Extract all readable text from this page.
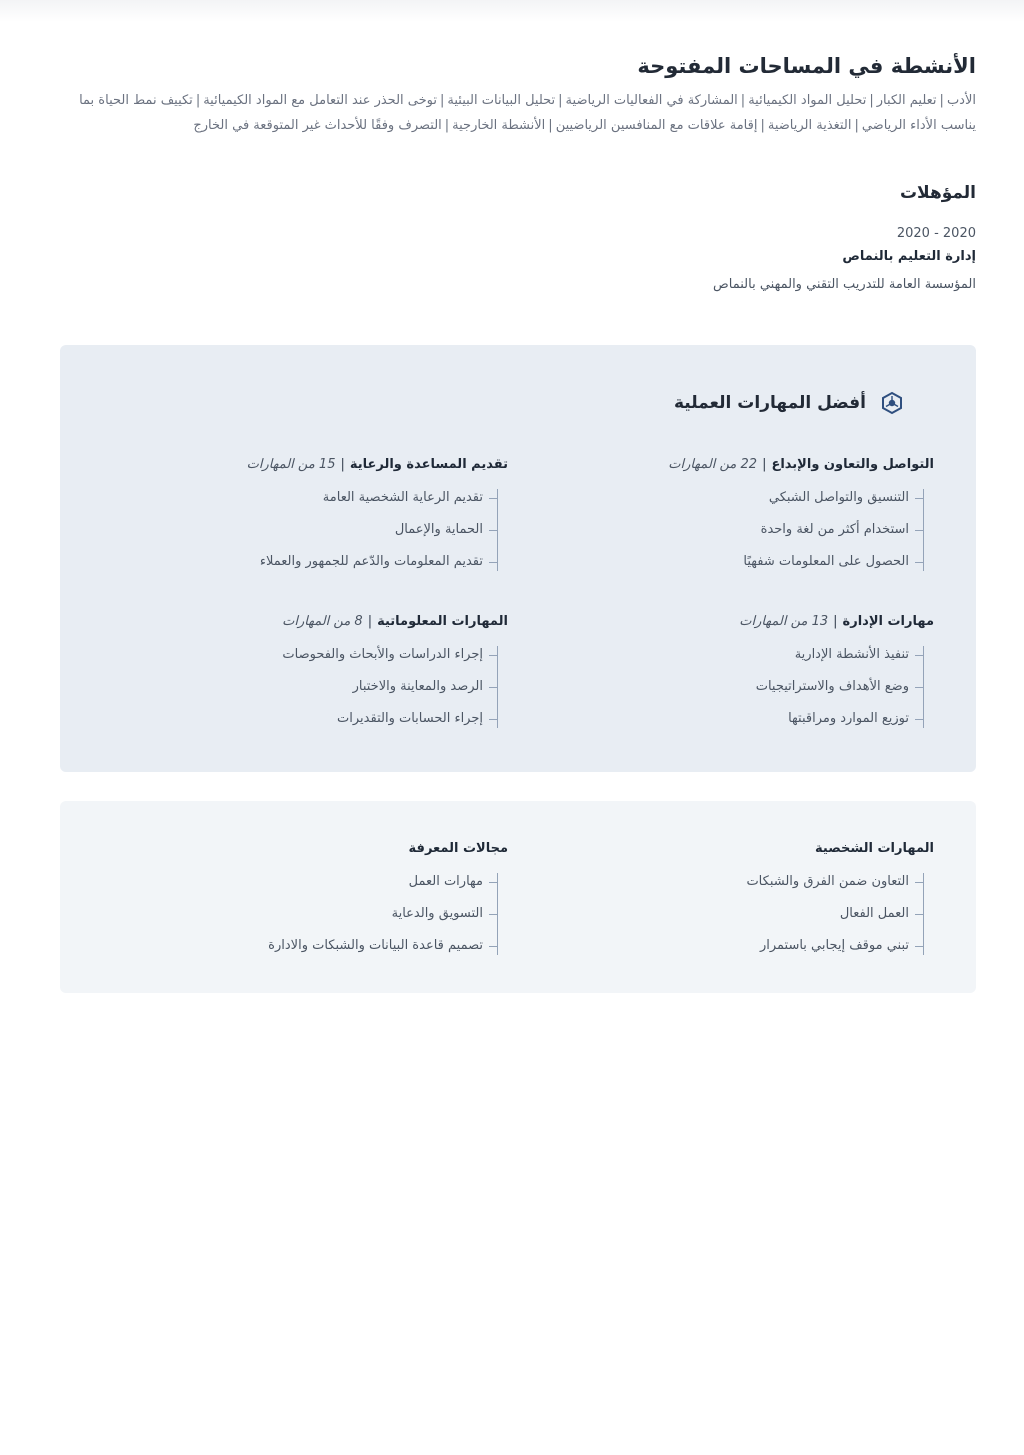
الأنشطة في المساحات المفتوحة
الأدب|تعليم الكبار|تحليل المواد الكيميائية|المشاركة في الفعاليات الرياضية|تحليل البيانات البيئية|توخى الحذر عند التعامل مع المواد الكيميائية|تكييف نمط الحياة بما يناسب الأداء الرياضي|التغذية الرياضية|إقامة علاقات مع المنافسين الرياضيين|الأنشطة الخارجية|التصرف وفقًا للأحداث غير المتوقعة في الخارج
المؤهلات
2020 - 2020
إدارة التعليم بالنماص
المؤسسة العامة للتدريب التقني والمهني بالنماص
أفضل المهارات العملية
التواصل والتعاون والإبداع|22 من المهارات
التنسيق والتواصل الشبكي
استخدام أكثر من لغة واحدة
الحصول على المعلومات شفهيًا
تقديم المساعدة والرعاية|15 من المهارات
تقديم الرعاية الشخصية العامة
الحماية والإعمال
تقديم المعلومات والدّعم للجمهور والعملاء
مهارات الإدارة|13 من المهارات
تنفيذ الأنشطة الإدارية
وضع الأهداف والاستراتيجيات
توزيع الموارد ومراقبتها
المهارات المعلوماتية|8 من المهارات
إجراء الدراسات والأبحاث والفحوصات
الرصد والمعاينة والاختبار
إجراء الحسابات والتقديرات
المهارات الشخصية
التعاون ضمن الفرق والشبكات
العمل الفعال
تبني موقف إيجابي باستمرار
مجالات المعرفة
مهارات العمل
التسويق والدعاية
تصميم قاعدة البيانات والشبكات والادارة
